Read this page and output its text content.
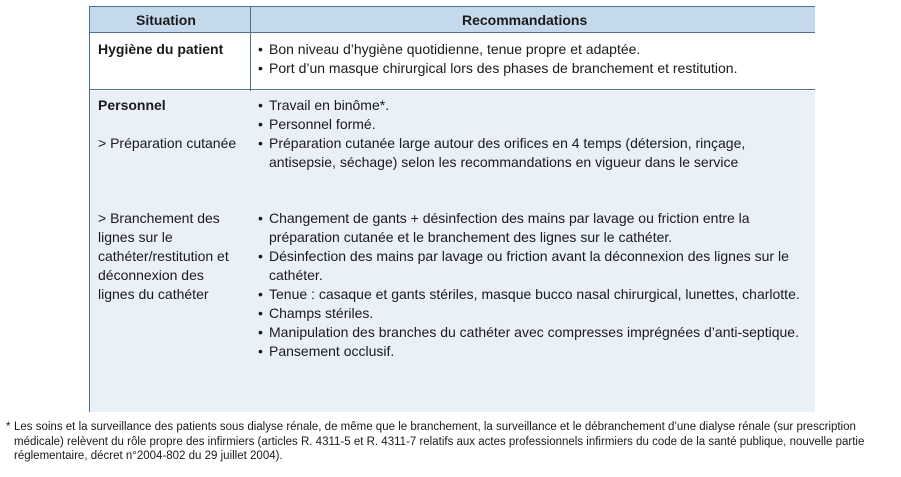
Situation	Recommandations
Hygiène du patient
•	Bon niveau d’hygiène quotidienne, tenue propre et adaptée.
• Port d’un masque chirurgical lors des phases de branchement et restitution.
Personnel
> Préparation cutanée
> Branchement des lignes sur le cathéter/restitution et déconnexion des lignes du cathéter
• Travail en binôme*.
• Personnel formé.
• Préparation cutanée large autour des orifices en 4 temps (détersion, rinçage, antisepsie, séchage) selon les recommandations en vigueur dans le service
• Changement de gants + désinfection des mains par lavage ou friction entre la préparation cutanée et le branchement des lignes sur le cathéter.
• Désinfection des mains par lavage ou friction avant la déconnexion des lignes sur le cathéter.
• Tenue : casaque et gants stériles, masque bucco nasal chirurgical, lunettes, charlotte.
• Champs stériles.
• Manipulation des branches du cathéter avec compresses imprégnées d’anti-septique.
• Pansement occlusif.
* Les soins et la surveillance des patients sous dialyse rénale, de même que le branchement, la surveillance et le débranchement d’une dialyse rénale (sur prescription médicale) relèvent du rôle propre des infirmiers (articles R. 4311-5 et R. 4311-7 relatifs aux actes professionnels infirmiers du code de la santé publique, nouvelle partie réglementaire, décret n°2004-802 du 29 juillet 2004).
